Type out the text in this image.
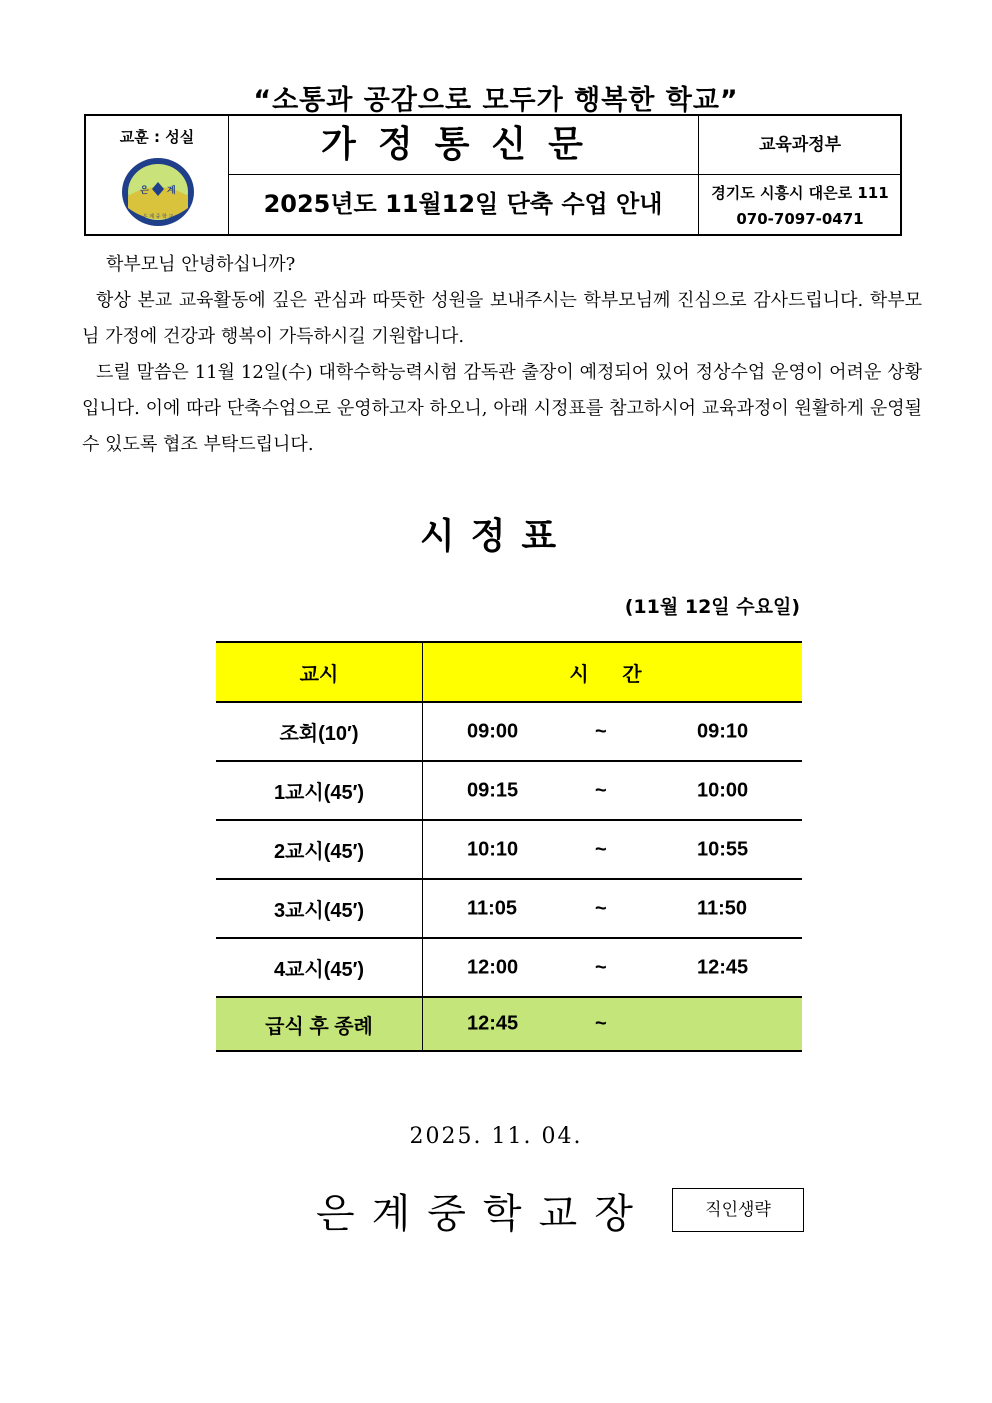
“소통과 공감으로 모두가 행복한 학교”
교훈 : 성실
은 계
은 계 중 학 교
가정통신문
2025년도 11월12일 단축 수업 안내
교육과정부
경기도 시흥시 대은로 111
070-7097-0471
학부모님 안녕하십니까?
항상 본교 교육활동에 깊은 관심과 따뜻한 성원을 보내주시는 학부모님께 진심으로 감사드립니다. 학부모님 가정에 건강과 행복이 가득하시길 기원합니다.
드릴 말씀은 11월 12일(수) 대학수학능력시험 감독관 출장이 예정되어 있어 정상수업 운영이 어려운 상황입니다. 이에 따라 단축수업으로 운영하고자 하오니, 아래 시정표를 참고하시어 교육과정이 원활하게 운영될 수 있도록 협조 부탁드립니다.
시정표
(11월 12일 수요일)
교시	시 간
조회(10′)	09:00 ~ 09:10

1교시(45′)	09:15 ~ 10:00

2교시(45′)	10:10 ~ 10:55

3교시(45′)	11:05 ~ 11:50

4교시(45′)	12:00 ~ 12:45

급식 후 종례	12:45 ~
2025. 11. 04.
은계중학교장	직인생략
